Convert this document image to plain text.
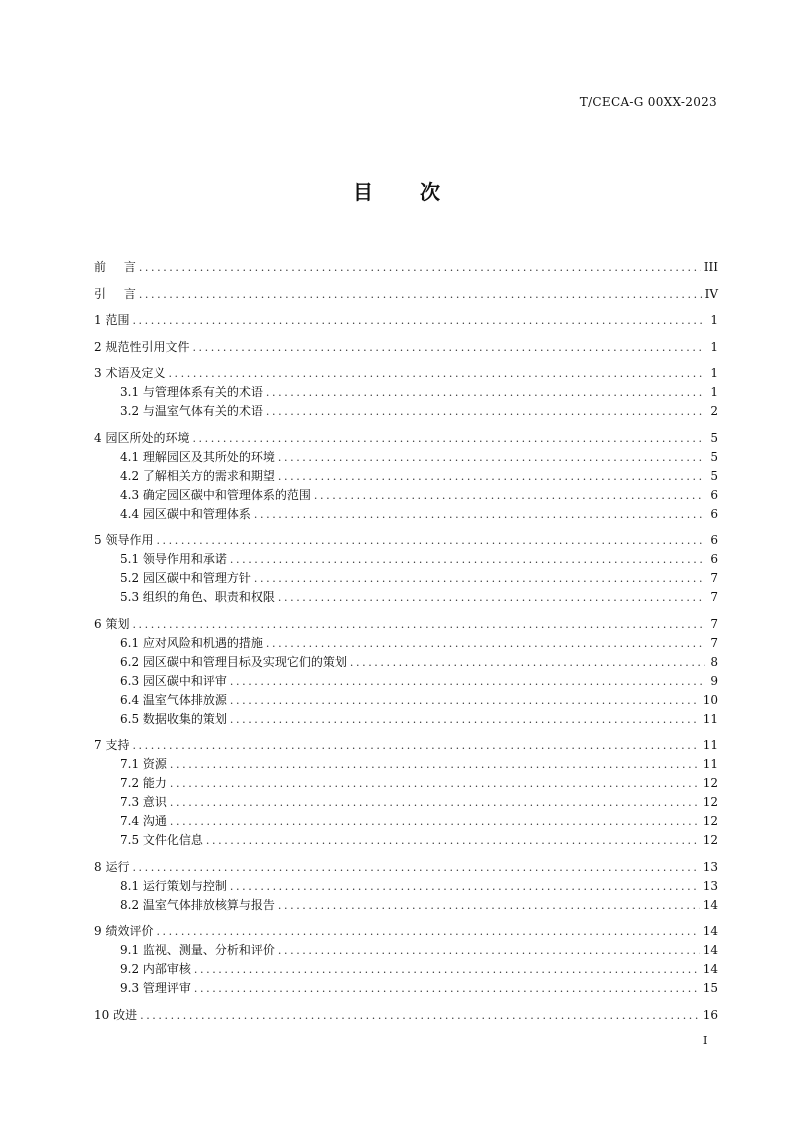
T/CECA-G 00XX-2023
目 次
前 言 .....	III
引 言 .....	IV
1 范围 .....	1
2 规范性引用文件 .....	1
3 术语及定义 .....	1
3.1 与管理体系有关的术语 .....	1
3.2 与温室气体有关的术语 .....	2
4 园区所处的环境 .....	5
4.1 理解园区及其所处的环境 .....	5
4.2 了解相关方的需求和期望 .....	5
4.3 确定园区碳中和管理体系的范围 .....	6
4.4 园区碳中和管理体系 .....	6
5 领导作用 .....	6
5.1 领导作用和承诺 .....	6
5.2 园区碳中和管理方针 .....	7
5.3 组织的角色、职责和权限 .....	7
6 策划 .....	7
6.1 应对风险和机遇的措施 .....	7
6.2 园区碳中和管理目标及实现它们的策划 .....	8
6.3 园区碳中和评审 .....	9
6.4 温室气体排放源 .....	10
6.5 数据收集的策划 .....	11
7 支持 .....	11
7.1 资源 .....	11
7.2 能力 .....	12
7.3 意识 .....	12
7.4 沟通 .....	12
7.5 文件化信息 .....	12
8 运行 .....	13
8.1 运行策划与控制 .....	13
8.2 温室气体排放核算与报告 .....	14
9 绩效评价 .....	14
9.1 监视、测量、分析和评价 .....	14
9.2 内部审核 .....	14
9.3 管理评审 .....	15
10 改进 .....	16
I
